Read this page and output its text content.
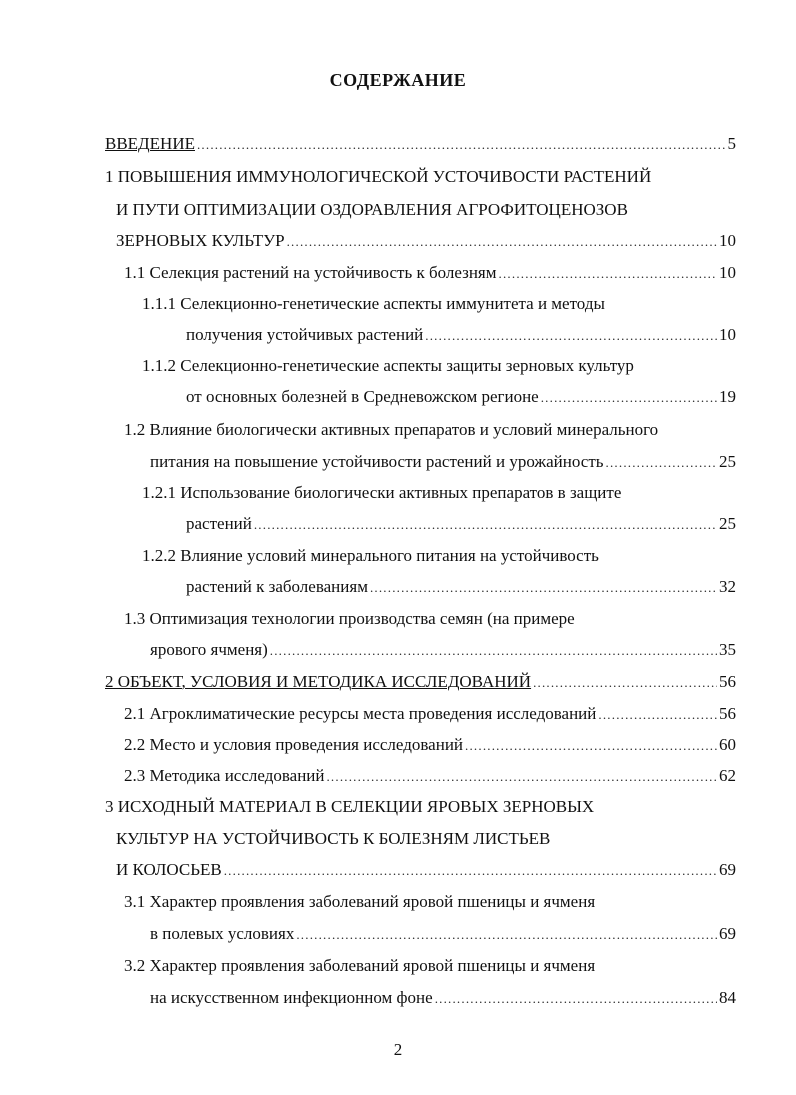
СОДЕРЖАНИЕ
ВВЕДЕНИЕ .....	5
1 ПОВЫШЕНИЯ ИММУНОЛОГИЧЕСКОЙ УСТОЧИВОСТИ РАСТЕНИЙ
И ПУТИ ОПТИМИЗАЦИИ ОЗДОРАВЛЕНИЯ АГРОФИТОЦЕНОЗОВ
ЗЕРНОВЫХ КУЛЬТУР .....	10
1.1 Селекция растений на устойчивость к болезням .....	10
1.1.1 Селекционно-генетические аспекты иммунитета и методы
получения устойчивых растений .....	10
1.1.2 Селекционно-генетические аспекты защиты зерновых культур
от основных болезней в Средневожском регионе .....	19
1.2 Влияние биологически активных препаратов и условий минерального
питания на повышение устойчивости растений и урожайность .....	25
1.2.1 Использование биологически активных препаратов в защите
растений .....	25
1.2.2 Влияние условий минерального питания на устойчивость
растений к заболеваниям .....	32
1.3 Оптимизация технологии производства семян (на примере
ярового ячменя) .....	35
2 ОБЪЕКТ, УСЛОВИЯ И МЕТОДИКА ИССЛЕДОВАНИЙ .....	56
2.1 Агроклиматические ресурсы места проведения исследований .....	56
2.2 Место и условия проведения исследований .....	60
2.3 Методика исследований .....	62
3 ИСХОДНЫЙ МАТЕРИАЛ В СЕЛЕКЦИИ ЯРОВЫХ ЗЕРНОВЫХ
КУЛЬТУР НА УСТОЙЧИВОСТЬ К БОЛЕЗНЯМ ЛИСТЬЕВ
И КОЛОСЬЕВ .....	69
3.1 Характер проявления заболеваний яровой пшеницы и ячменя
в полевых условиях .....	69
3.2 Характер проявления заболеваний яровой пшеницы и ячменя
на искусственном инфекционном фоне .....	84
2
